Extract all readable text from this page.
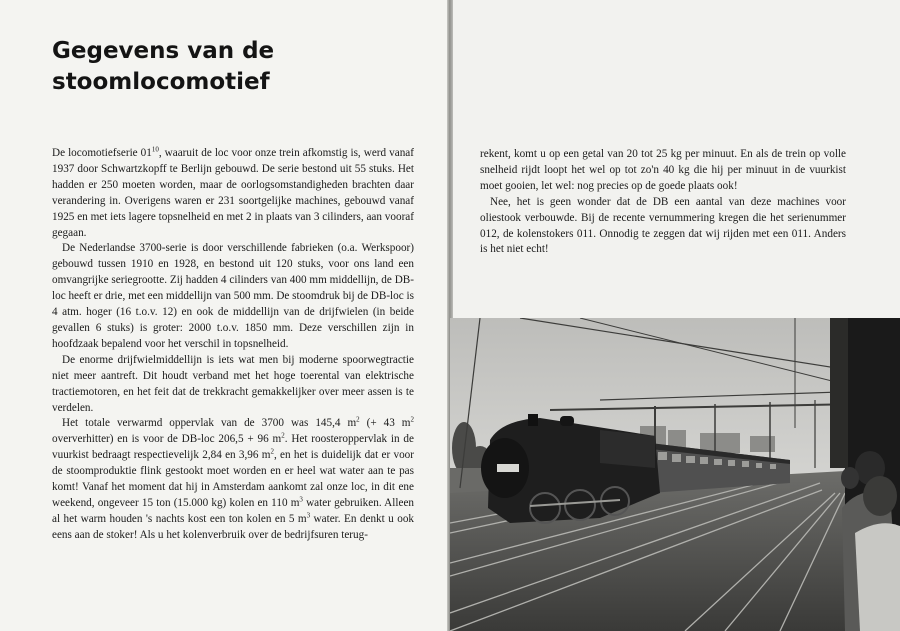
Gegevens van de stoomlocomotief

De locomotiefserie $01^{10}$, waaruit de loc voor onze trein afkomstig is, werd vanaf 1937 door Schwartzkopff te Berlijn gebouwd. De serie bestond uit 55 stuks. Het hadden er 250 moeten worden, maar de oorlogsomstandigheden brachten daar verandering in. Overigens waren er 231 soortgelijke machines, gebouwd vanaf 1925 en met iets lagere topsnelheid en met 2 in plaats van 3 cilinders, aan vooraf gegaan.

De Nederlandse 3700-serie is door verschillende fabrieken (o.a. Werkspoor) gebouwd tussen 1910 en 1928, en bestond uit 120 stuks, voor ons land een omvangrijke seriegrootte. Zij hadden 4 cilinders van 400 mm middellijn, de DB-loc heeft er drie, met een middellijn van 500 mm. De stoomdruk bij de DB-loc is 4 atm. hoger (16 t.o.v. 12) en ook de middellijn van de drijfwielen (in beide gevallen 6 stuks) is groter: 2000 t.o.v. 1850 mm. Deze verschillen zijn in hoofdzaak bepalend voor het verschil in topsnelheid.

De enorme drijfwielmiddellijn is iets wat men bij moderne spoorwegtractie niet meer aantreft. Dit houdt verband met het hoge toerental van elektrische tractiemotoren, en het feit dat de trekkracht gemakkelijker over meer assen is te verdelen.

Het totale verwarmd oppervlak van de 3700 was 145,4 $m^2$ (+ 43 $m^2$ oververhitter) en is voor de DB-loc 206,5 + 96 $m^2$. Het roosteroppervlak in de vuurkist bedraagt respectievelijk 2,84 en 3,96 $m^2$, en het is duidelijk dat er voor de stoomproduktie flink gestookt moet worden en er heel wat water aan te pas komt! Vanaf het moment dat hij in Amsterdam aankomt zal onze loc, in dit ene weekend, ongeveer 15 ton (15.000 kg) kolen en 110 $m^3$ water gebruiken. Alleen al het warm houden 's nachts kost een ton kolen en 5 $m^3$ water. En denkt u ook eens aan de stoker! Als u het kolenverbruik over de bedrijfsuren terug-

rekent, komt u op een getal van 20 tot 25 kg per minuut. En als de trein op volle snelheid rijdt loopt het wel op tot zo'n 40 kg die hij per minuut in de vuurkist moet gooien, let wel: nog precies op de goede plaats ook!

Nee, het is geen wonder dat de DB een aantal van deze machines voor oliestook verbouwde. Bij de recente vernummering kregen die het serienummer 012, de kolenstokers 011. Onnodig te zeggen dat wij rijden met een 011. Anders is het niet echt!
